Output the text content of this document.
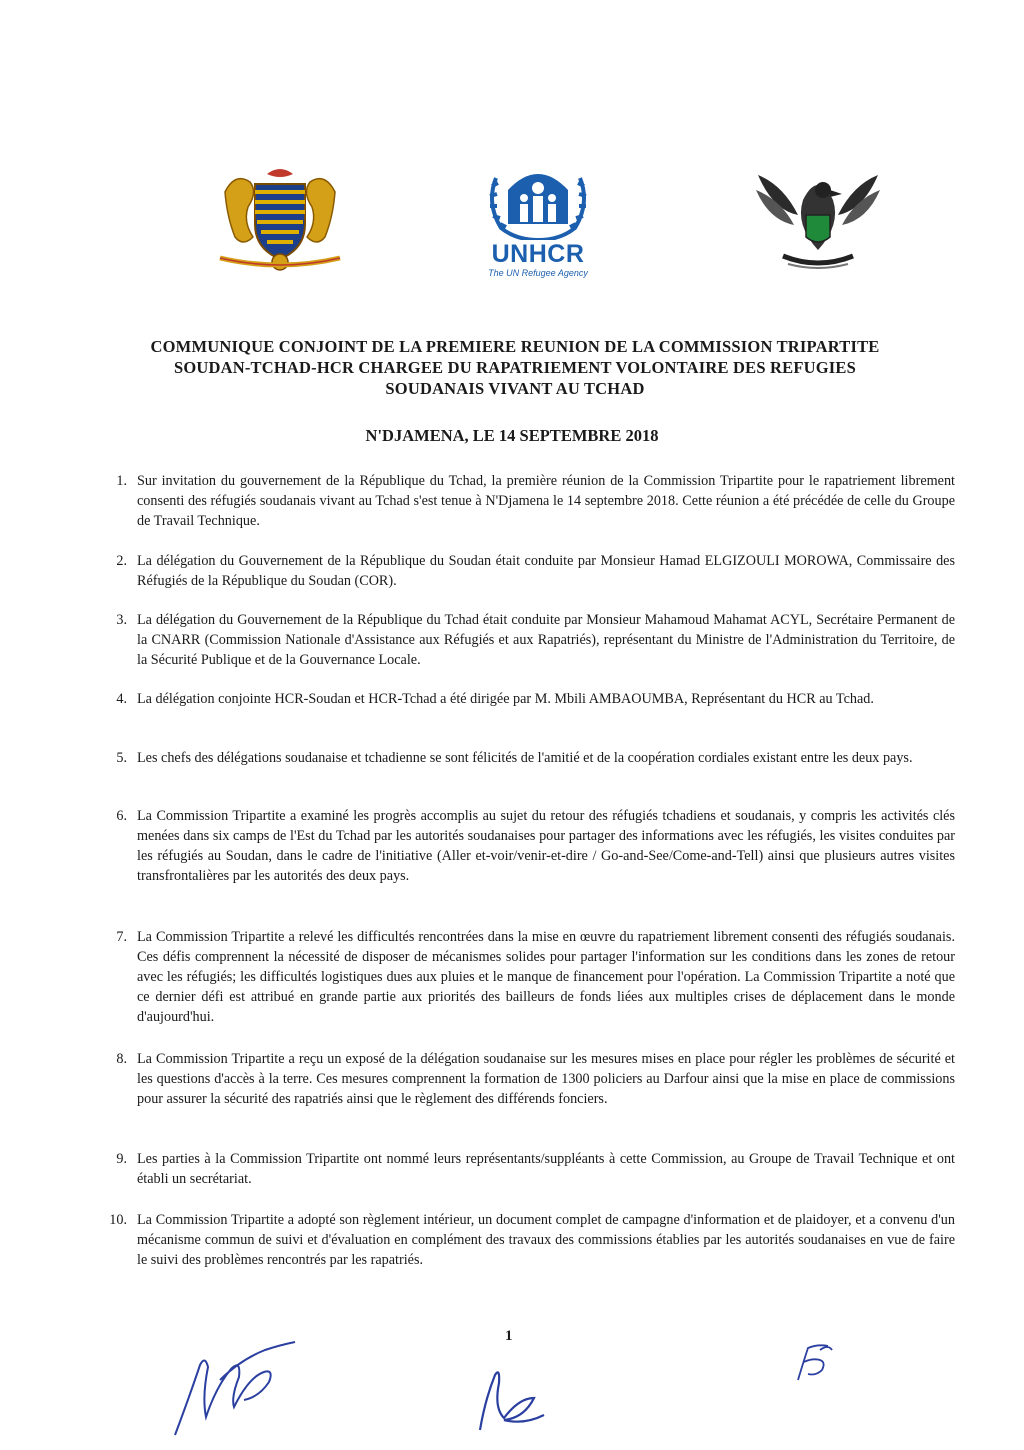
UNHCR
The UN Refugee Agency
COMMUNIQUE CONJOINT DE LA PREMIERE REUNION DE LA COMMISSION TRIPARTITE
SOUDAN-TCHAD-HCR CHARGEE DU RAPATRIEMENT VOLONTAIRE DES REFUGIES
SOUDANAIS VIVANT AU TCHAD
N'DJAMENA, LE 14 SEPTEMBRE 2018
1. Sur invitation du gouvernement de la République du Tchad, la première réunion de la Commission Tripartite pour le rapatriement librement consenti des réfugiés soudanais vivant au Tchad s'est tenue à N'Djamena le 14 septembre 2018. Cette réunion a été précédée de celle du Groupe de Travail Technique.
2. La délégation du Gouvernement de la République du Soudan était conduite par Monsieur Hamad ELGIZOULI MOROWA, Commissaire des Réfugiés de la République du Soudan (COR).
3. La délégation du Gouvernement de la République du Tchad était conduite par Monsieur Mahamoud Mahamat ACYL, Secrétaire Permanent de la CNARR (Commission Nationale d'Assistance aux Réfugiés et aux Rapatriés), représentant du Ministre de l'Administration du Territoire, de la Sécurité Publique et de la Gouvernance Locale.
4. La délégation conjointe HCR-Soudan et HCR-Tchad a été dirigée par M. Mbili AMBAOUMBA, Représentant du HCR au Tchad.
5. Les chefs des délégations soudanaise et tchadienne se sont félicités de l'amitié et de la coopération cordiales existant entre les deux pays.
6. La Commission Tripartite a examiné les progrès accomplis au sujet du retour des réfugiés tchadiens et soudanais, y compris les activités clés menées dans six camps de l'Est du Tchad par les autorités soudanaises pour partager des informations avec les réfugiés, les visites conduites par les réfugiés au Soudan, dans le cadre de l'initiative (Aller et-voir/venir-et-dire / Go-and-See/Come-and-Tell) ainsi que plusieurs autres visites transfrontalières par les autorités des deux pays.
7. La Commission Tripartite a relevé les difficultés rencontrées dans la mise en œuvre du rapatriement librement consenti des réfugiés soudanais. Ces défis comprennent la nécessité de disposer de mécanismes solides pour partager l'information sur les conditions dans les zones de retour avec les réfugiés; les difficultés logistiques dues aux pluies et le manque de financement pour l'opération. La Commission Tripartite a noté que ce dernier défi est attribué en grande partie aux priorités des bailleurs de fonds liées aux multiples crises de déplacement dans le monde d'aujourd'hui.
8. La Commission Tripartite a reçu un exposé de la délégation soudanaise sur les mesures mises en place pour régler les problèmes de sécurité et les questions d'accès à la terre. Ces mesures comprennent la formation de 1300 policiers au Darfour ainsi que la mise en place de commissions pour assurer la sécurité des rapatriés ainsi que le règlement des différends fonciers.
9. Les parties à la Commission Tripartite ont nommé leurs représentants/suppléants à cette Commission, au Groupe de Travail Technique et ont établi un secrétariat.
10. La Commission Tripartite a adopté son règlement intérieur, un document complet de campagne d'information et de plaidoyer, et a convenu d'un mécanisme commun de suivi et d'évaluation en complément des travaux des commissions établies par les autorités soudanaises en vue de faire le suivi des problèmes rencontrés par les rapatriés.
1
